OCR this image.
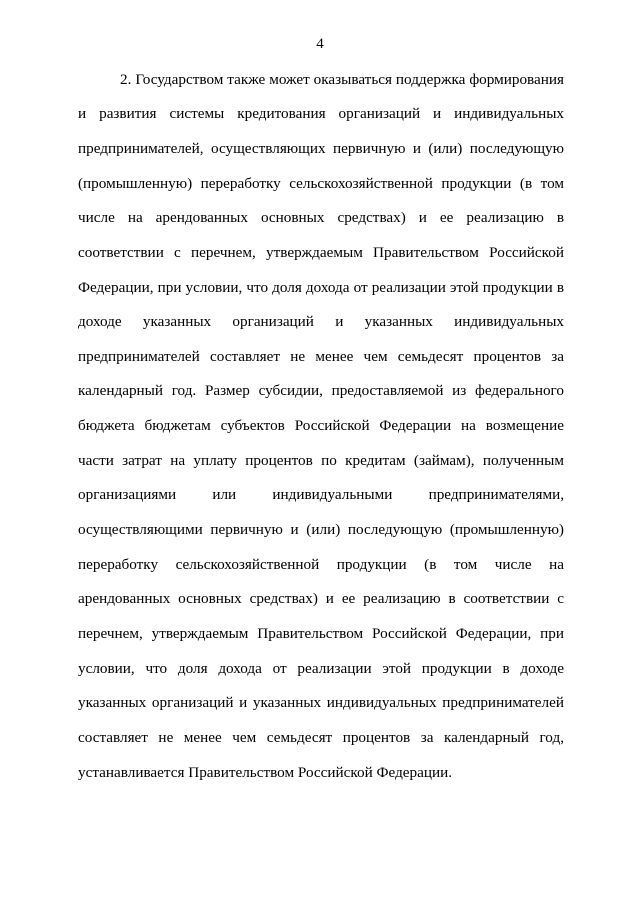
4
2. Государством также может оказываться поддержка формирования
и развития системы кредитования организаций и индивидуальных
предпринимателей, осуществляющих первичную и (или) последующую
(промышленную) переработку сельскохозяйственной продукции (в том
числе на арендованных основных средствах) и ее реализацию в
соответствии с перечнем, утверждаемым Правительством Российской
Федерации, при условии, что доля дохода от реализации этой продукции в
доходе указанных организаций и указанных индивидуальных
предпринимателей составляет не менее чем семьдесят процентов за
календарный год. Размер субсидии, предоставляемой из федерального
бюджета бюджетам субъектов Российской Федерации на возмещение
части затрат на уплату процентов по кредитам (займам), полученным
организациями или индивидуальными предпринимателями,
осуществляющими первичную и (или) последующую (промышленную)
переработку сельскохозяйственной продукции (в том числе на
арендованных основных средствах) и ее реализацию в соответствии с
перечнем, утверждаемым Правительством Российской Федерации, при
условии, что доля дохода от реализации этой продукции в доходе
указанных организаций и указанных индивидуальных предпринимателей
составляет не менее чем семьдесят процентов за календарный год,
устанавливается Правительством Российской Федерации.
